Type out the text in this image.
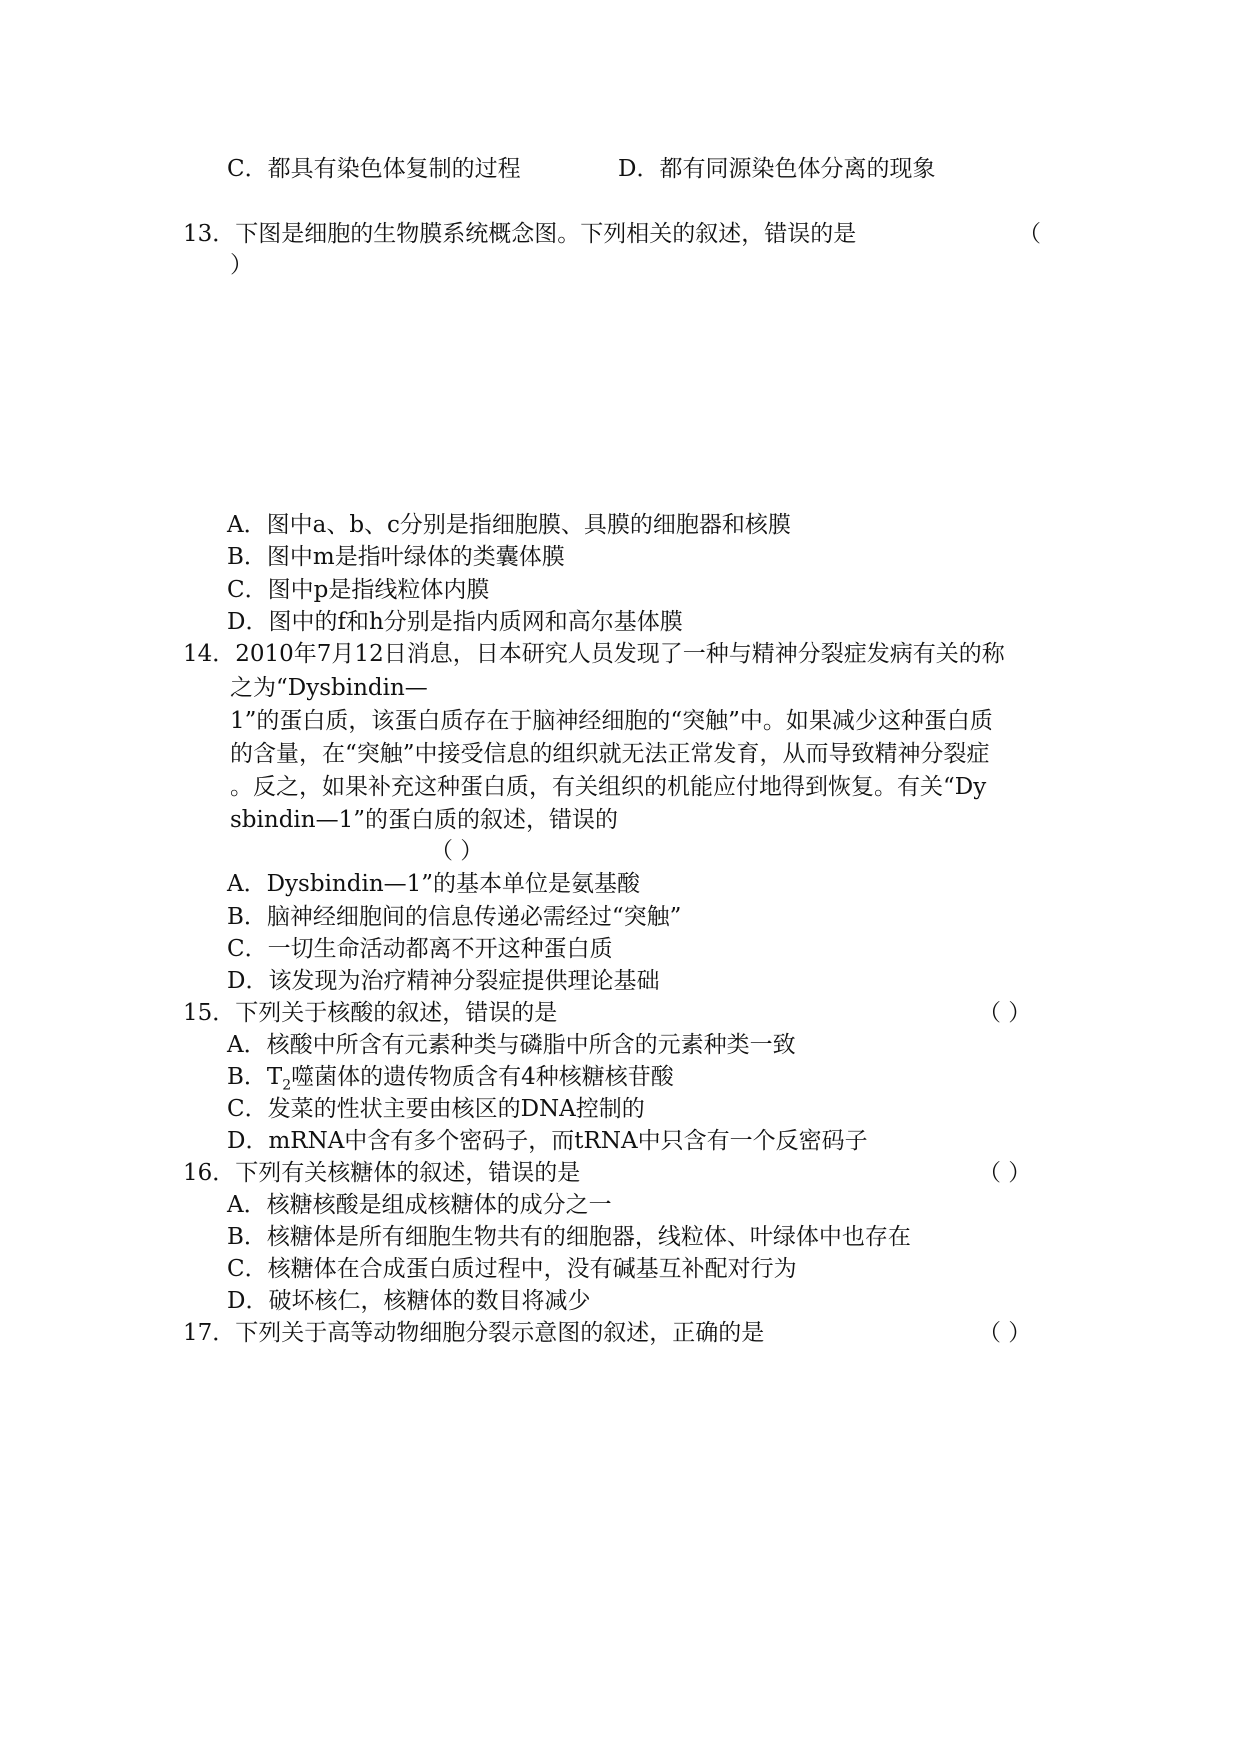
C．都具有染色体复制的过程	D．都有同源染色体分离的现象
13．下图是细胞的生物膜系统概念图。下列相关的叙述，错误的是	（
）
A．图中a、b、c分别是指细胞膜、具膜的细胞器和核膜
B．图中m是指叶绿体的类囊体膜
C．图中p是指线粒体内膜
D．图中的f和h分别是指内质网和高尔基体膜
14．2010年7月12日消息，日本研究人员发现了一种与精神分裂症发病有关的称
之为“Dysbindin—
1”的蛋白质，该蛋白质存在于脑神经细胞的“突触”中。如果减少这种蛋白质
的含量，在“突触”中接受信息的组织就无法正常发育，从而导致精神分裂症
。反之，如果补充这种蛋白质，有关组织的机能应付地得到恢复。有关“Dy
sbindin—1”的蛋白质的叙述，错误的
（ ）
A．Dysbindin—1”的基本单位是氨基酸
B．脑神经细胞间的信息传递必需经过“突触”
C．一切生命活动都离不开这种蛋白质
D．该发现为治疗精神分裂症提供理论基础
15．下列关于核酸的叙述，错误的是	（ ）
A．核酸中所含有元素种类与磷脂中所含的元素种类一致
B．$T_2$噬菌体的遗传物质含有4种核糖核苷酸
C．发菜的性状主要由核区的DNA控制的
D．mRNA中含有多个密码子，而tRNA中只含有一个反密码子
16．下列有关核糖体的叙述，错误的是	（ ）
A．核糖核酸是组成核糖体的成分之一
B．核糖体是所有细胞生物共有的细胞器，线粒体、叶绿体中也存在
C．核糖体在合成蛋白质过程中，没有碱基互补配对行为
D．破坏核仁，核糖体的数目将减少
17．下列关于高等动物细胞分裂示意图的叙述，正确的是	（ ）
